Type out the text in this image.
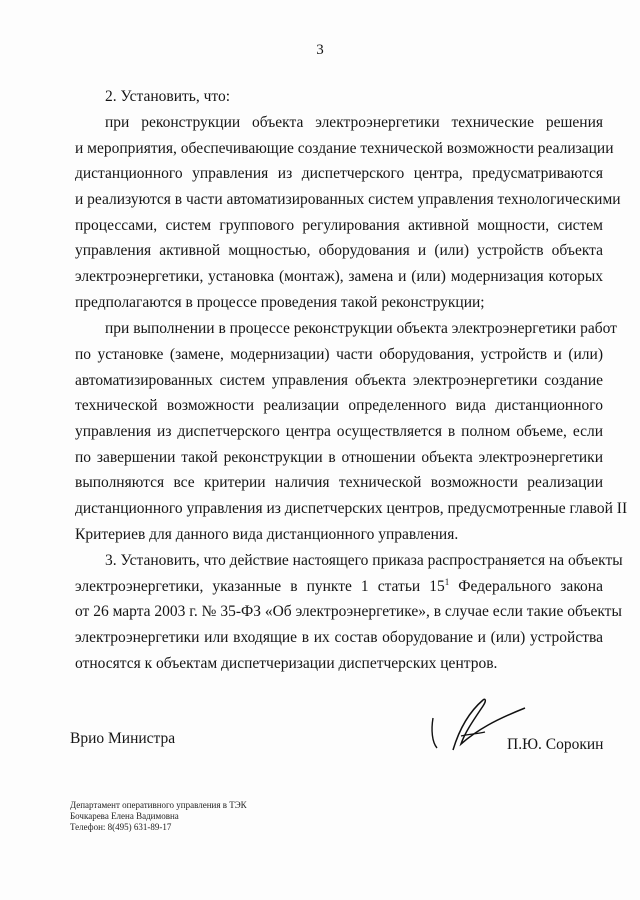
3
2. Установить, что:
при реконструкции объекта электроэнергетики технические решения
и мероприятия, обеспечивающие создание технической возможности реализации
дистанционного управления из диспетчерского центра, предусматриваются
и реализуются в части автоматизированных систем управления технологическими
процессами, систем группового регулирования активной мощности, систем
управления активной мощностью, оборудования и (или) устройств объекта
электроэнергетики, установка (монтаж), замена и (или) модернизация которых
предполагаются в процессе проведения такой реконструкции;
при выполнении в процессе реконструкции объекта электроэнергетики работ
по установке (замене, модернизации) части оборудования, устройств и (или)
автоматизированных систем управления объекта электроэнергетики создание
технической возможности реализации определенного вида дистанционного
управления из диспетчерского центра осуществляется в полном объеме, если
по завершении такой реконструкции в отношении объекта электроэнергетики
выполняются все критерии наличия технической возможности реализации
дистанционного управления из диспетчерских центров, предусмотренные главой II
Критериев для данного вида дистанционного управления.
3. Установить, что действие настоящего приказа распространяется на объекты
электроэнергетики, указанные в пункте 1 статьи $15^1$ Федерального закона
от 26 марта 2003 г. № 35-ФЗ «Об электроэнергетике», в случае если такие объекты
электроэнергетики или входящие в их состав оборудование и (или) устройства
относятся к объектам диспетчеризации диспетчерских центров.
Врио Министра	П.Ю. Сорокин
Департамент оперативного управления в ТЭК
Бочкарева Елена Вадимовна
Телефон: 8(495) 631-89-17
